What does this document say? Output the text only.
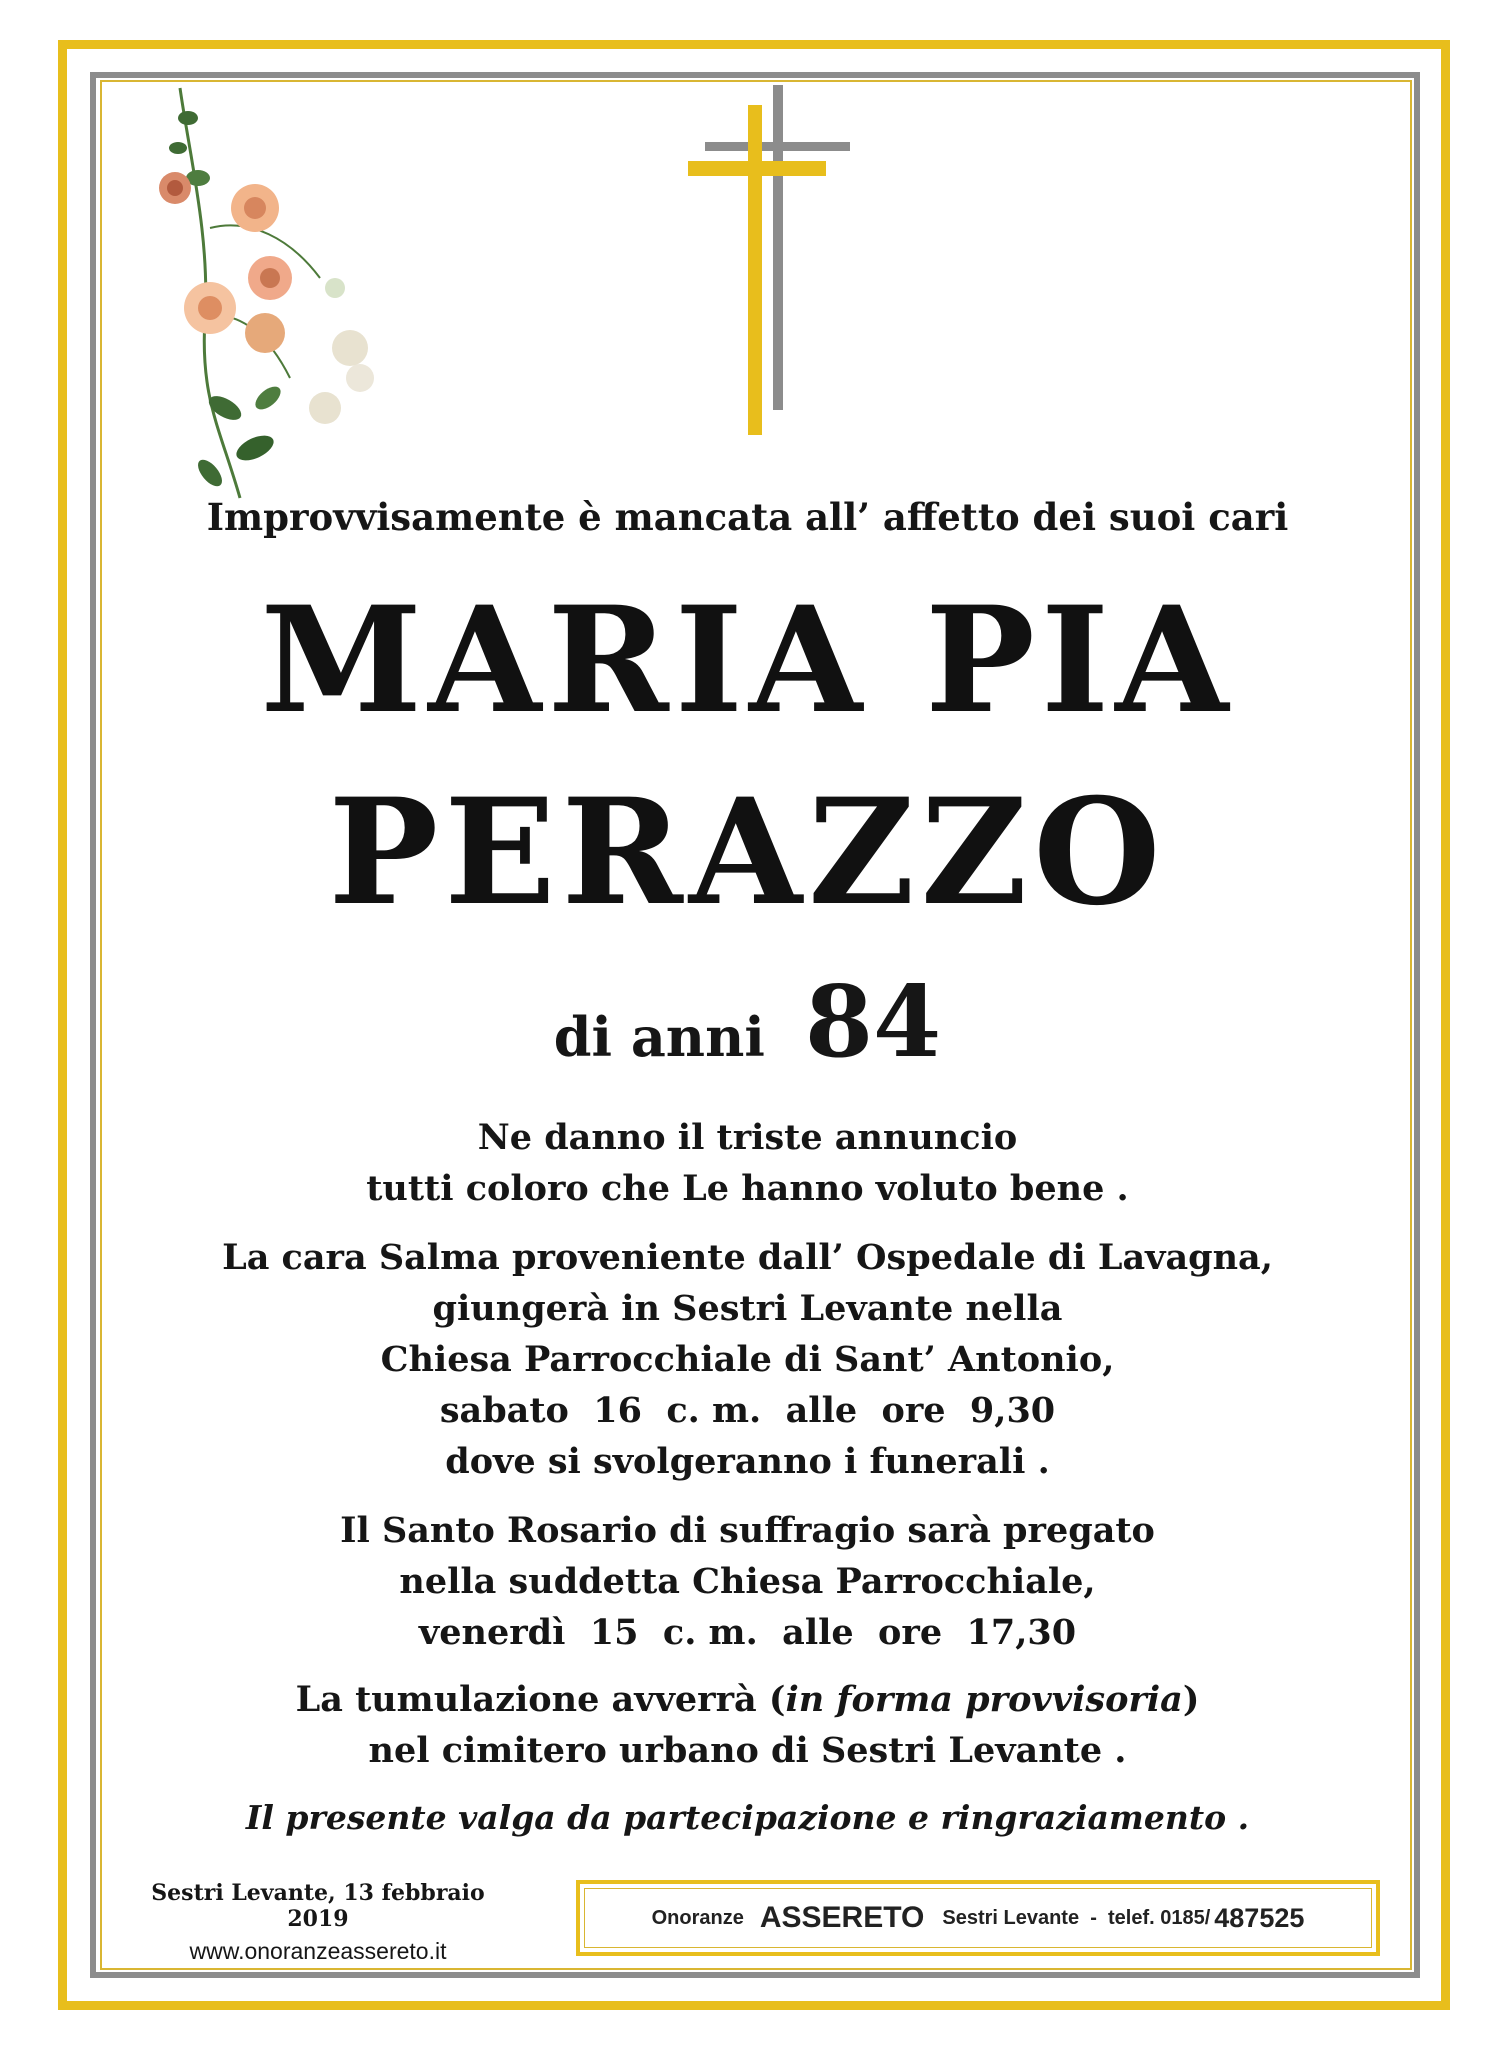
Improvvisamente è mancata all’ affetto dei suoi cari
MARIA PIA
PERAZZO
di anni 84
Ne danno il triste annuncio
tutti coloro che Le hanno voluto bene .
La cara Salma proveniente dall’ Ospedale di Lavagna,
giungerà in Sestri Levante nella
Chiesa Parrocchiale di Sant’ Antonio,
sabato  16  c. m.  alle  ore  9,30
dove si svolgeranno i funerali .
Il Santo Rosario di suffragio sarà pregato
nella suddetta Chiesa Parrocchiale,
venerdì  15  c. m.  alle  ore  17,30
La tumulazione avverrà (in forma provvisoria)
nel cimitero urbano di Sestri Levante .
Il presente valga da partecipazione e ringraziamento .
Sestri Levante, 13 febbraio 2019
www.onoranzeassereto.it
Onoranze ASSERETO Sestri Levante  -  telef. 0185/ 487525
